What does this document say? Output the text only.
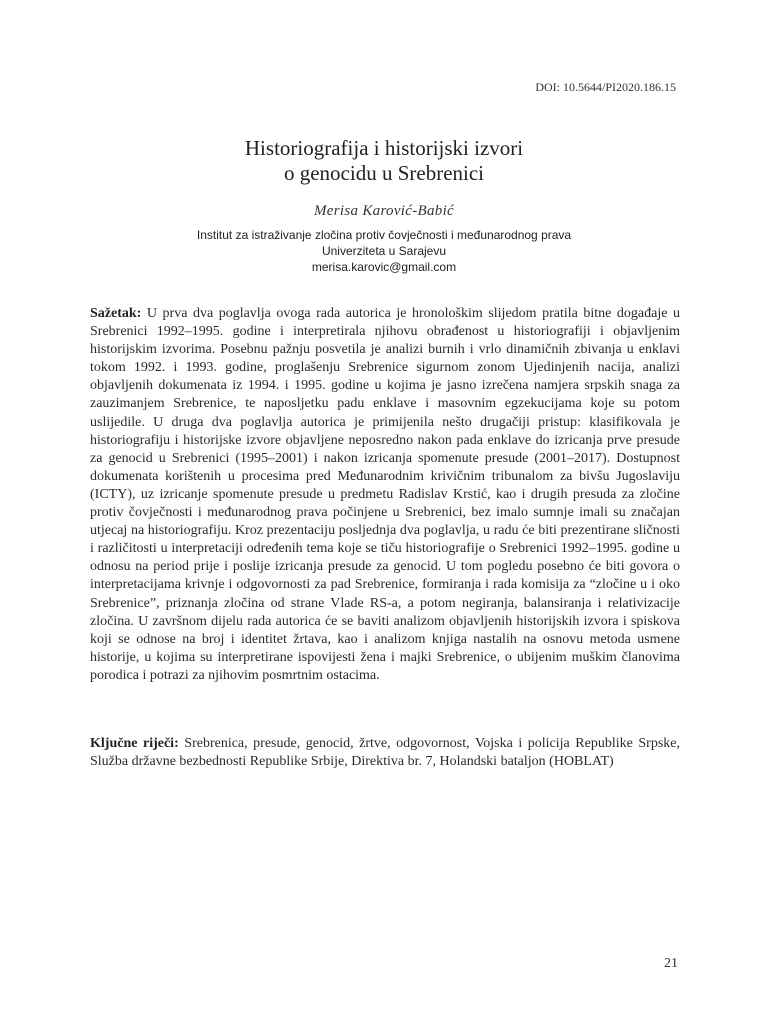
DOI: 10.5644/PI2020.186.15
Historiografija i historijski izvori
o genocidu u Srebrenici
Merisa Karović-Babić
Institut za istraživanje zločina protiv čovječnosti i međunarodnog prava
Univerziteta u Sarajevu
merisa.karovic@gmail.com
Sažetak: U prva dva poglavlja ovoga rada autorica je hronološkim slijedom pratila bitne događaje u Srebrenici 1992–1995. godine i interpretirala njihovu obrađenost u historiografiji i objavljenim historijskim izvorima. Posebnu pažnju posvetila je analizi burnih i vrlo dinamičnih zbivanja u enklavi tokom 1992. i 1993. godine, proglašenju Srebrenice sigurnom zonom Ujedinjenih nacija, analizi objavljenih dokumenata iz 1994. i 1995. godine u kojima je jasno izrečena namjera srpskih snaga za zauzimanjem Srebrenice, te naposljetku padu enklave i masovnim egzekucijama koje su potom uslijedile. U druga dva poglavlja autorica je primijenila nešto drugačiji pristup: klasifikovala je historiografiju i historijske izvore objavljene neposredno nakon pada enklave do izricanja prve presude za genocid u Srebrenici (1995–2001) i nakon izricanja spomenute presude (2001–2017). Dostupnost dokumenata korištenih u procesima pred Međunarodnim krivičnim tribunalom za bivšu Jugoslaviju (ICTY), uz izricanje spomenute presude u predmetu Radislav Krstić, kao i drugih presuda za zločine protiv čovječnosti i međunarodnog prava počinjene u Srebrenici, bez imalo sumnje imali su značajan utjecaj na historiografiju. Kroz prezentaciju posljednja dva poglavlja, u radu će biti prezentirane sličnosti i različitosti u interpretaciji određenih tema koje se tiču historiografije o Srebrenici 1992–1995. godine u odnosu na period prije i poslije izricanja presude za genocid. U tom pogledu posebno će biti govora o interpretacijama krivnje i odgovornosti za pad Srebrenice, formiranja i rada komisija za “zločine u i oko Srebrenice”, priznanja zločina od strane Vlade RS-a, a potom negiranja, balansiranja i relativizacije zločina. U završnom dijelu rada autorica će se baviti analizom objavljenih historijskih izvora i spiskova koji se odnose na broj i identitet žrtava, kao i analizom knjiga nastalih na osnovu metoda usmene historije, u kojima su interpretirane ispovijesti žena i majki Srebrenice, o ubijenim muškim članovima porodica i potrazi za njihovim posmrtnim ostacima.
Ključne riječi: Srebrenica, presude, genocid, žrtve, odgovornost, Vojska i policija Republike Srpske, Služba državne bezbednosti Republike Srbije, Direktiva br. 7, Holandski bataljon (HOBLAT)
21
